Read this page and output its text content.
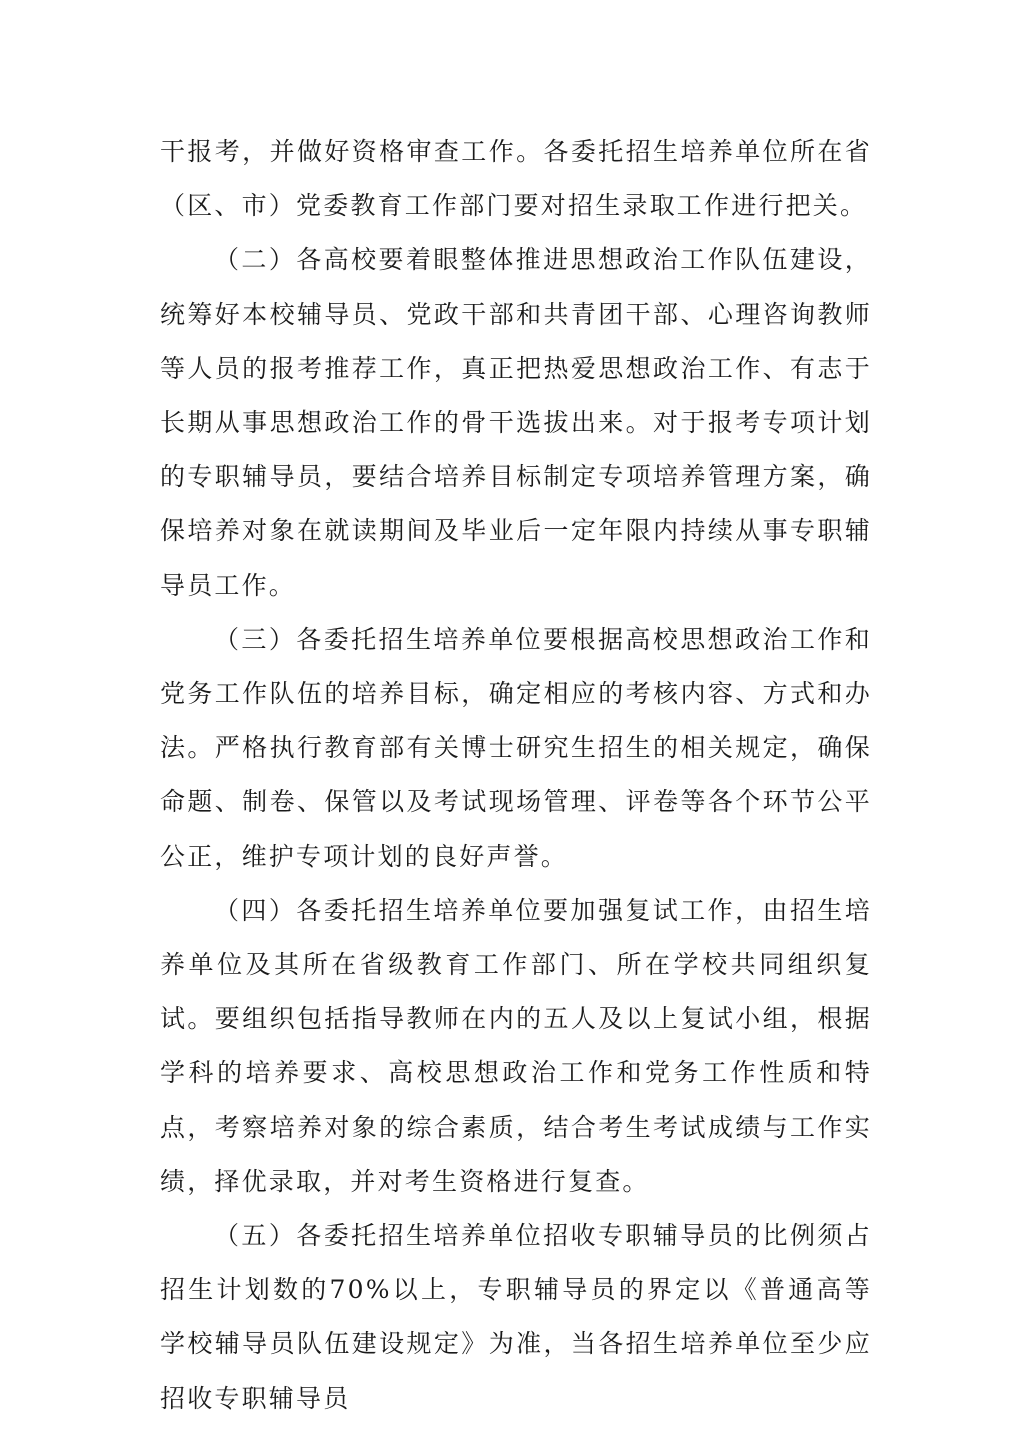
干报考，并做好资格审查工作。各委托招生培养单位所在省（区、市）党委教育工作部门要对招生录取工作进行把关。

（二）各高校要着眼整体推进思想政治工作队伍建设，统筹好本校辅导员、党政干部和共青团干部、心理咨询教师等人员的报考推荐工作，真正把热爱思想政治工作、有志于长期从事思想政治工作的骨干选拔出来。对于报考专项计划的专职辅导员，要结合培养目标制定专项培养管理方案，确保培养对象在就读期间及毕业后一定年限内持续从事专职辅导员工作。

（三）各委托招生培养单位要根据高校思想政治工作和党务工作队伍的培养目标，确定相应的考核内容、方式和办法。严格执行教育部有关博士研究生招生的相关规定，确保命题、制卷、保管以及考试现场管理、评卷等各个环节公平公正，维护专项计划的良好声誉。

（四）各委托招生培养单位要加强复试工作，由招生培养单位及其所在省级教育工作部门、所在学校共同组织复试。要组织包括指导教师在内的五人及以上复试小组，根据学科的培养要求、高校思想政治工作和党务工作性质和特点，考察培养对象的综合素质，结合考生考试成绩与工作实绩，择优录取，并对考生资格进行复查。

（五）各委托招生培养单位招收专职辅导员的比例须占招生计划数的70%以上，专职辅导员的界定以《普通高等学校辅导员队伍建设规定》为准，当各招生培养单位至少应招收专职辅导员
